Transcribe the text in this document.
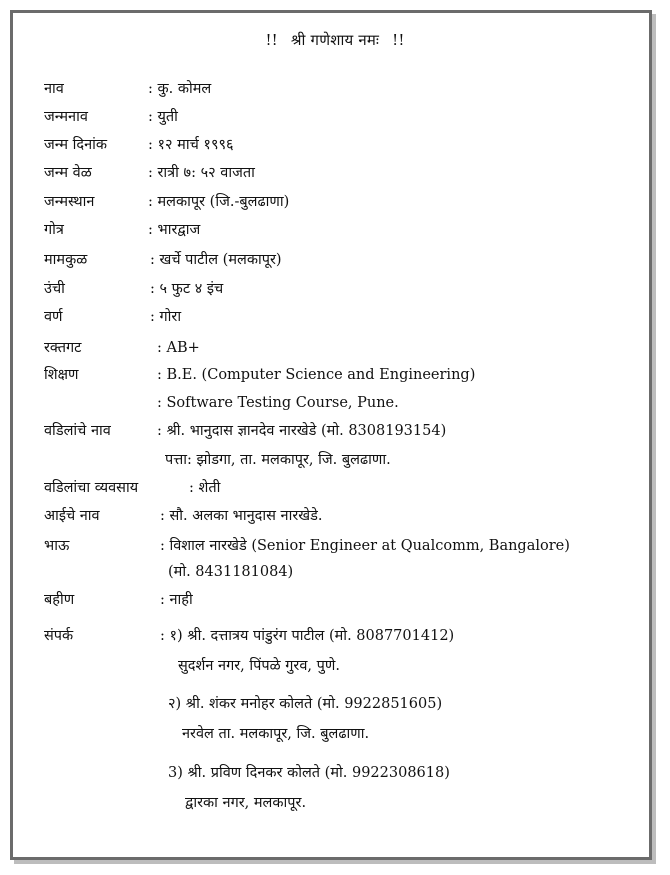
!! श्री गणेशाय नमः !!
नाव	: कु. कोमल
जन्मनाव	: युती
जन्म दिनांक	: १२ मार्च १९९६
जन्म वेळ	: रात्री ७: ५२ वाजता
जन्मस्थान	: मलकापूर (जि.-बुलढाणा)
गोत्र	: भारद्वाज
मामकुळ	: खर्चे पाटील (मलकापूर)
उंची	: ५ फुट ४ इंच
वर्ण	: गोरा
रक्तगट	: AB+
शिक्षण	: B.E. (Computer Science and Engineering)
: Software Testing Course, Pune.
वडिलांचे नाव	: श्री. भानुदास ज्ञानदेव नारखेडे (मो. 8308193154)
पत्ता: झोडगा, ता. मलकापूर, जि. बुलढाणा.
वडिलांचा व्यवसाय	: शेती
आईचे नाव	: सौ. अलका भानुदास नारखेडे.
भाऊ	: विशाल नारखेडे (Senior Engineer at Qualcomm, Bangalore)
(मो. 8431181084)
बहीण	: नाही
संपर्क	: १) श्री. दत्तात्रय पांडुरंग पाटील (मो. 8087701412)
सुदर्शन नगर, पिंपळे गुरव, पुणे.
२) श्री. शंकर मनोहर कोलते (मो. 9922851605)
नरवेल ता. मलकापूर, जि. बुलढाणा.
3) श्री. प्रविण दिनकर कोलते (मो. 9922308618)
द्वारका नगर, मलकापूर.
